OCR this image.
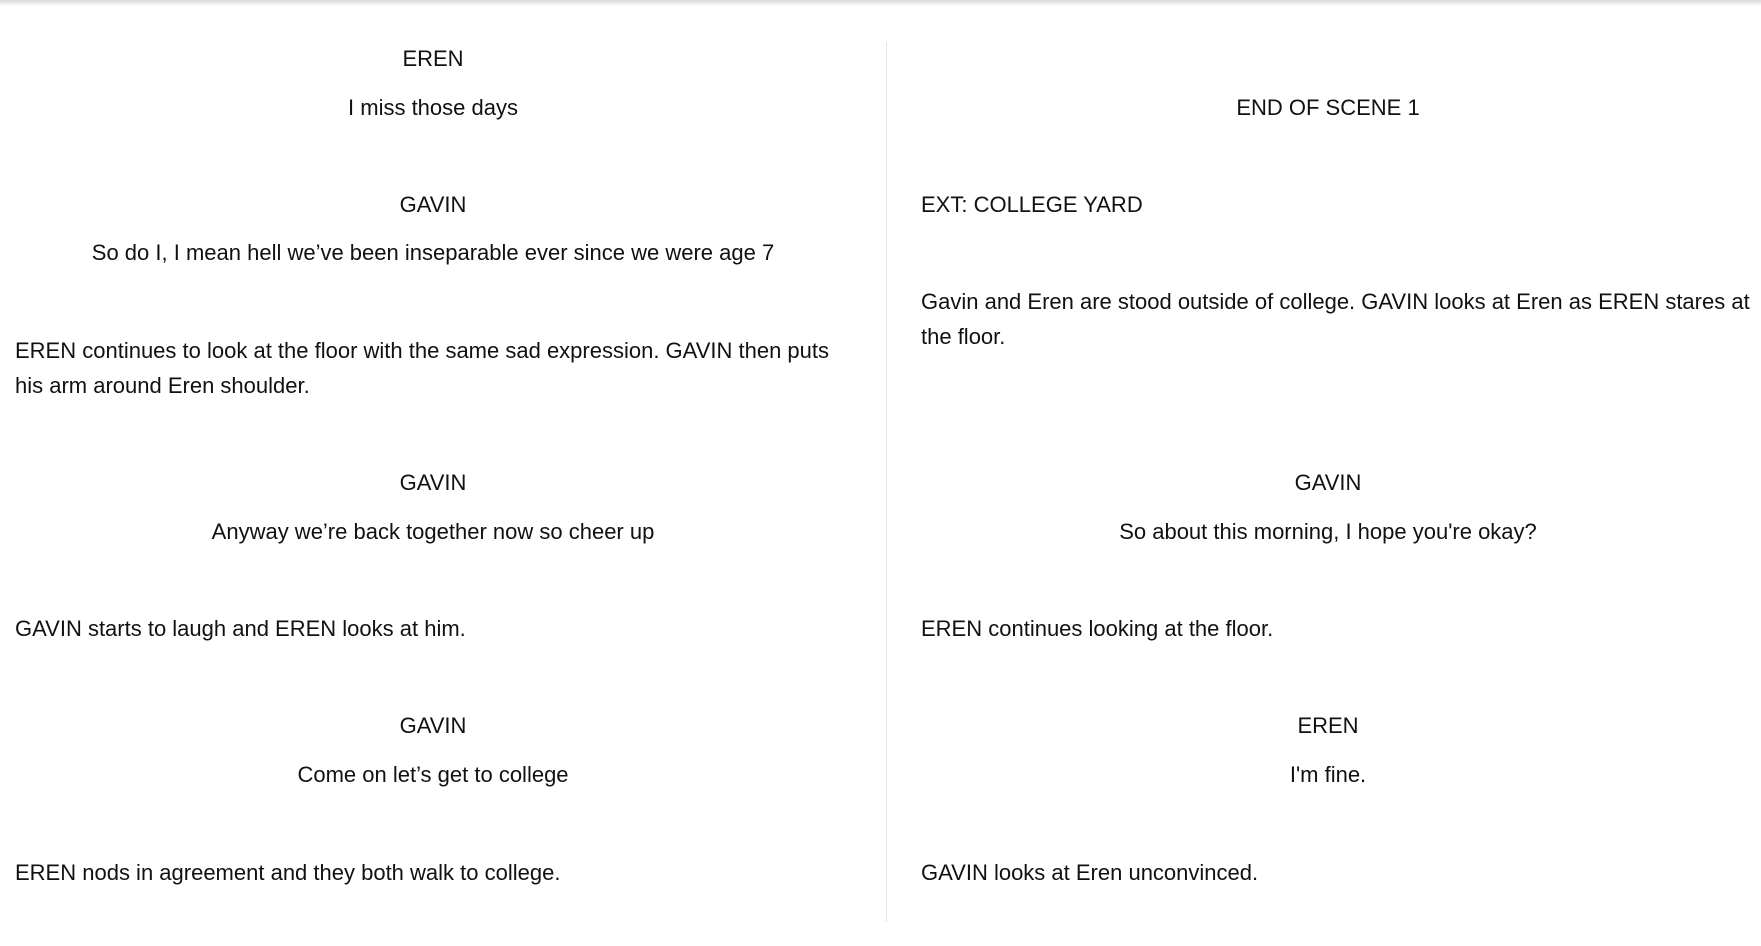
EREN
I miss those days
GAVIN
So do I, I mean hell we’ve been inseparable ever since we were age 7
EREN continues to look at the floor with the same sad expression. GAVIN then puts his arm around Eren shoulder.
GAVIN
Anyway we’re back together now so cheer up
GAVIN starts to laugh and EREN looks at him.
GAVIN
Come on let’s get to college
EREN nods in agreement and they both walk to college.
END OF SCENE 1
EXT: COLLEGE YARD
Gavin and Eren are stood outside of college. GAVIN looks at Eren as EREN stares at the floor.
GAVIN
So about this morning, I hope you're okay?
EREN continues looking at the floor.
EREN
I'm fine.
GAVIN looks at Eren unconvinced.
